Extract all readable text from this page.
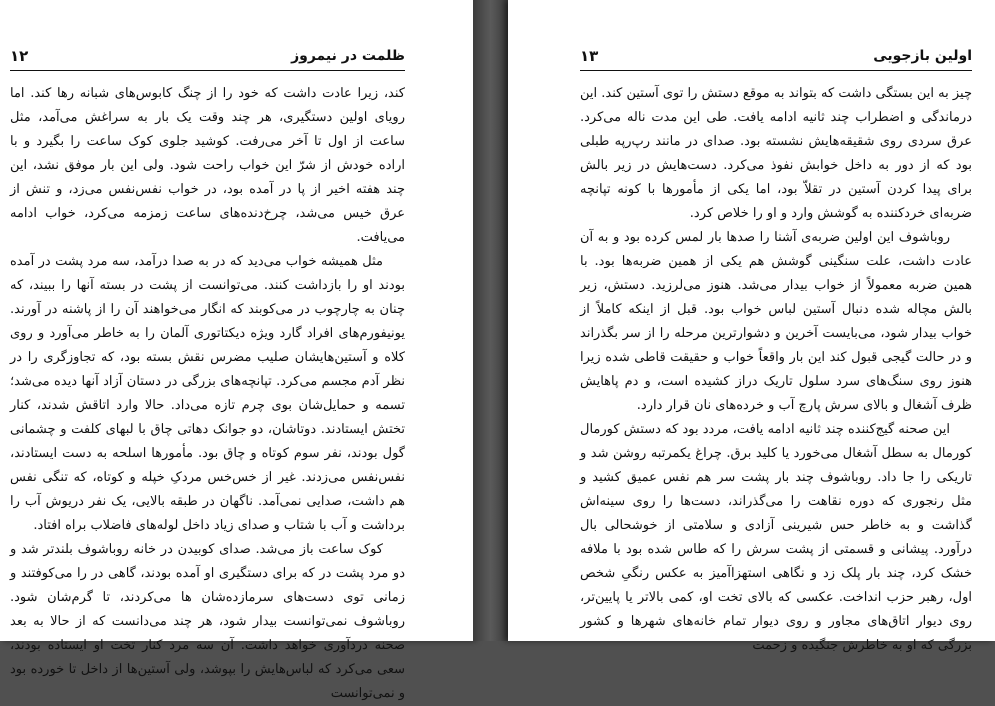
ظلمت در نیمروز
۱۲

کند، زیرا عادت داشت که خود را از چنگ کابوس‌های شبانه رها کند. اما رویای اولین دستگیری، هر چند وقت یک بار به سراغش می‌آمد، مثل ساعت از اول تا آخر می‌رفت. کوشید جلوی کوک ساعت را بگیرد و با اراده خودش از شرّ این خواب راحت شود. ولی این بار موفق نشد، این چند هفته اخیر از پا در آمده بود، در خواب نفس‌نفس می‌زد، و تنش از عرق خیس می‌شد، چرخ‌دنده‌های ساعت زمزمه می‌کرد، خواب ادامه می‌یافت.

مثل همیشه خواب می‌دید که در به صدا درآمد، سه مرد پشت در آمده بودند او را بازداشت کنند. می‌توانست از پشت در بسته آنها را ببیند، که چنان به چارچوب در می‌کوبند که انگار می‌خواهند آن را از پاشنه در آورند. یونیفورم‌های افراد گارد ویژه دیکتاتوری آلمان را به خاطر می‌آورد و روی کلاه و آستین‌هایشان صلیب مضرس نقش بسته بود، که تجاوزگری را در نظر آدم مجسم می‌کرد. تپانچه‌های بزرگی در دستان آزاد آنها دیده می‌شد؛ تسمه و حمایل‌شان بوی چرم تازه می‌داد. حالا وارد اتاقش شدند، کنار تختش ایستادند. دوتاشان، دو جوانک دهاتی چاق با لبهای کلفت و چشمانی گول بودند، نفر سوم کوتاه و چاق بود. مأمورها اسلحه به دست ایستادند، نفس‌نفس می‌زدند. غیر از خس‌خس مردکِ خپله و کوتاه، که تنگی نفس هم داشت، صدایی نمی‌آمد. ناگهان در طبقه بالایی، یک نفر دریوش آب را برداشت و آب با شتاب و صدای زیاد داخل لوله‌های فاضلاب براه افتاد.

کوک ساعت باز می‌شد. صدای کوبیدن در خانه روباشوف بلندتر شد و دو مرد پشت در که برای دستگیری او آمده بودند، گاهی در را می‌کوفتند و زمانی توی دست‌های سرمازده‌شان ها می‌کردند، تا گرم‌شان شود. روباشوف نمی‌توانست بیدار شود، هر چند می‌دانست که از حالا به بعد صحنه دردآوری خواهد داشت. آن سه مرد کنار تخت او ایستاده بودند، سعی می‌کرد که لباس‌هایش را بپوشد، ولی آستین‌ها از داخل تا خورده بود و نمی‌توانست

اولین بازجویی
۱۳

چیز به این بستگی داشت که بتواند به موقع دستش را توی آستین کند. این درماندگی و اضطراب چند ثانیه ادامه یافت. طی این مدت ناله می‌کرد. عرق سردی روی شقیقه‌هایش نشسته بود. صدای در مانند رپ‌رپه طبلی بود که از دور به داخل خوابش نفوذ می‌کرد. دست‌هایش در زیر بالش برای پیدا کردن آستین در تقلاّ بود، اما یکی از مأمورها با کونه تپانچه ضربه‌ای خردکننده به گوشش وارد و او را خلاص کرد.

روباشوف این اولین ضربه‌ی آشنا را صدها بار لمس کرده بود و به آن عادت داشت، علت سنگینی گوشش هم یکی از همین ضربه‌ها بود. با همین ضربه معمولاً از خواب بیدار می‌شد. هنوز می‌لرزید. دستش، زیر بالش مچاله شده دنبال آستین لباس خواب بود. قبل از اینکه کاملاً از خواب بیدار شود، می‌بایست آخرین و دشوارترین مرحله را از سر بگذراند و در حالت گیجی قبول کند این بار واقعاً خواب و حقیقت قاطی شده زیرا هنوز روی سنگ‌های سرد سلول تاریک دراز کشیده است، و دم پاهایش ظرف آشغال و بالای سرش پارچ آب و خرده‌های نان قرار دارد.

این صحنه گیج‌کننده چند ثانیه ادامه یافت، مردد بود که دستش کورمال کورمال به سطل آشغال می‌خورد یا کلید برق. چراغ یکمرتبه روشن شد و تاریکی را جا داد. روباشوف چند بار پشت سر هم نفس عمیق کشید و مثل رنجوری که دوره نقاهت را می‌گذراند، دست‌ها را روی سینه‌اش گذاشت و به خاطر حس شیرینی آزادی و سلامتی از خوشحالی بال درآورد. پیشانی و قسمتی از پشت سرش را که طاس شده بود با ملافه خشک کرد، چند بار پلک زد و نگاهی استهزاآمیز به عکس رنگیِ شخص اول، رهبر حزب انداخت. عکسی که بالای تخت او، کمی بالاتر یا پایین‌تر، روی دیوار اتاق‌های مجاور و روی دیوار تمام خانه‌های شهرها و کشور بزرگی که او به خاطرش جنگیده و زحمت
